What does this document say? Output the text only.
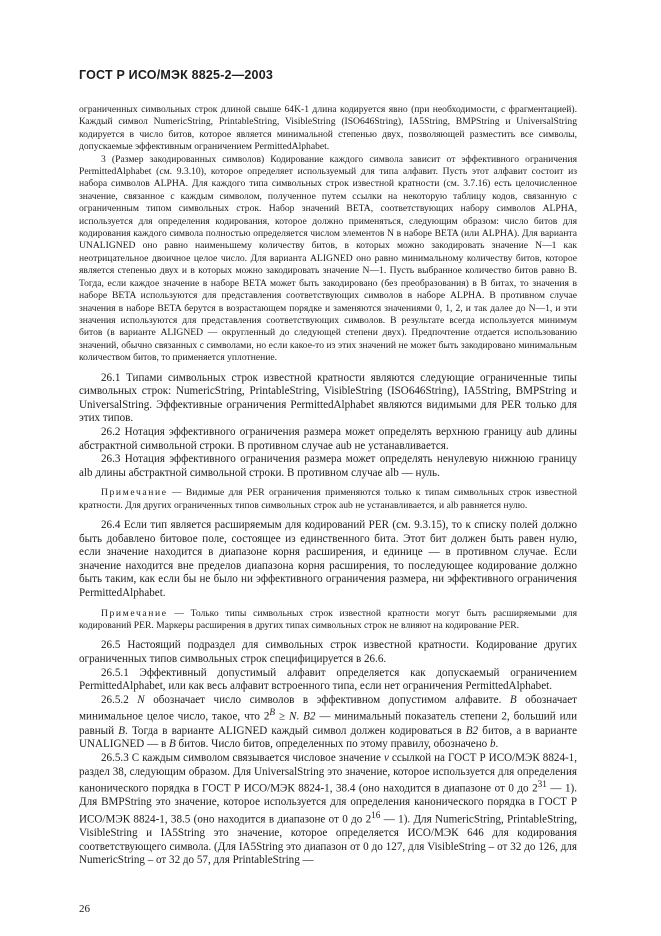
ГОСТ Р ИСО/МЭК 8825-2—2003

ограниченных символьных строк длиной свыше 64K-1 длина кодируется явно (при необходимости, с фрагментацией). Каждый символ NumericString, PrintableString, VisibleString (ISO646String), IA5String, BMPString и UniversalString кодируется в число битов, которое является минимальной степенью двух, позволяющей разместить все символы, допускаемые эффективным ограничением PermittedAlphabet.

3 (Размер закодированных символов) Кодирование каждого символа зависит от эффективного ограничения PermittedAlphabet (см. 9.3.10), которое определяет используемый для типа алфавит. Пусть этот алфавит состоит из набора символов ALPHA. Для каждого типа символьных строк известной кратности (см. 3.7.16) есть целочисленное значение, связанное с каждым символом, полученное путем ссылки на некоторую таблицу кодов, связанную с ограниченным типом символьных строк. Набор значений BETA, соответствующих набору символов ALPHA, используется для определения кодирования, которое должно применяться, следующим образом: число битов для кодирования каждого символа полностью определяется числом элементов N в наборе BETA (или ALPHA). Для варианта UNALIGNED оно равно наименьшему количеству битов, в которых можно закодировать значение N—1 как неотрицательное двоичное целое число. Для варианта ALIGNED оно равно минимальному количеству битов, которое является степенью двух и в которых можно закодировать значение N—1. Пусть выбранное количество битов равно B. Тогда, если каждое значение в наборе BETA может быть закодировано (без преобразования) в B битах, то значения в наборе BETA используются для представления соответствующих символов в наборе ALPHA. В противном случае значения в наборе BETA берутся в возрастающем порядке и заменяются значениями 0, 1, 2, и так далее до N—1, и эти значения используются для представления соответствующих символов. В результате всегда используется минимум битов (в варианте ALIGNED — округленный до следующей степени двух). Предпочтение отдается использованию значений, обычно связанных с символами, но если какое-то из этих значений не может быть закодировано минимальным количеством битов, то применяется уплотнение.

26.1 Типами символьных строк известной кратности являются следующие ограниченные типы символьных строк: NumericString, PrintableString, VisibleString (ISO646String), IA5String, BMPString и UniversalString. Эффективные ограничения PermittedAlphabet являются видимыми для PER только для этих типов.

26.2 Нотация эффективного ограничения размера может определять верхнюю границу aub длины абстрактной символьной строки. В противном случае aub не устанавливается.

26.3 Нотация эффективного ограничения размера может определять ненулевую нижнюю границу alb длины абстрактной символьной строки. В противном случае alb — нуль.

Примечание — Видимые для PER ограничения применяются только к типам символьных строк известной кратности. Для других ограниченных типов символьных строк aub не устанавливается, и alb равняется нулю.

26.4 Если тип является расширяемым для кодирований PER (см. 9.3.15), то к списку полей должно быть добавлено битовое поле, состоящее из единственного бита. Этот бит должен быть равен нулю, если значение находится в диапазоне корня расширения, и единице — в противном случае. Если значение находится вне пределов диапазона корня расширения, то последующее кодирование должно быть таким, как если бы не было ни эффективного ограничения размера, ни эффективного ограничения PermittedAlphabet.

Примечание — Только типы символьных строк известной кратности могут быть расширяемыми для кодирований PER. Маркеры расширения в других типах символьных строк не влияют на кодирование PER.

26.5 Настоящий подраздел для символьных строк известной кратности. Кодирование других ограниченных типов символьных строк специфицируется в 26.6.

26.5.1 Эффективный допустимый алфавит определяется как допускаемый ограничением PermittedAlphabet, или как весь алфавит встроенного типа, если нет ограничения PermittedAlphabet.

26.5.2 N обозначает число символов в эффективном допустимом алфавите. B обозначает минимальное целое число, такое, что $2^B \ge N$. B2 — минимальный показатель степени 2, больший или равный B. Тогда в варианте ALIGNED каждый символ должен кодироваться в B2 битов, а в варианте UNALIGNED — в B битов. Число битов, определенных по этому правилу, обозначено b.

26.5.3 С каждым символом связывается числовое значение v ссылкой на ГОСТ Р ИСО/МЭК 8824-1, раздел 38, следующим образом. Для UniversalString это значение, которое используется для определения канонического порядка в ГОСТ Р ИСО/МЭК 8824-1, 38.4 (оно находится в диапазоне от 0 до $2^{31}$ — 1). Для BMPString это значение, которое используется для определения канонического порядка в ГОСТ Р ИСО/МЭК 8824-1, 38.5 (оно находится в диапазоне от 0 до $2^{16}$ — 1). Для NumericString, PrintableString, VisibleString и IA5String это значение, которое определяется ИСО/МЭК 646 для кодирования соответствующего символа. (Для IA5String это диапазон от 0 до 127, для VisibleString – от 32 до 126, для NumericString – от 32 до 57, для PrintableString —

26
